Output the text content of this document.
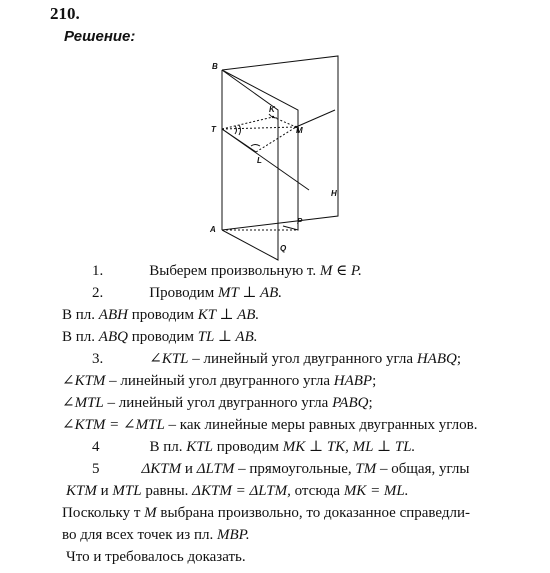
210.
Решение:
B
T
A
K
L
M
P
H
Q
1.	Выберем произвольную т. M ∈ P.
2.	Проводим MT ⊥ AB.
В пл. ABH проводим KT ⊥ AB.
В пл. ABQ проводим TL ⊥ AB.
3.	∠KTL – линейный угол двугранного угла HABQ;
∠KTM – линейный угол двугранного угла HABP;
∠MTL – линейный угол двугранного угла PABQ;
∠KTM = ∠MTL – как линейные меры равных двугранных углов.
4	В пл. KTL проводим MK ⊥ TK, ML ⊥ TL.
5	ΔKTM и ΔLTM – прямоугольные, TM – общая, углы
KTM и MTL равны. ΔKTM = ΔLTM, отсюда MK = ML.
Поскольку т M выбрана произвольно, то доказанное справедли-
во для всех точек из пл. MBP.
Что и требовалось доказать.
